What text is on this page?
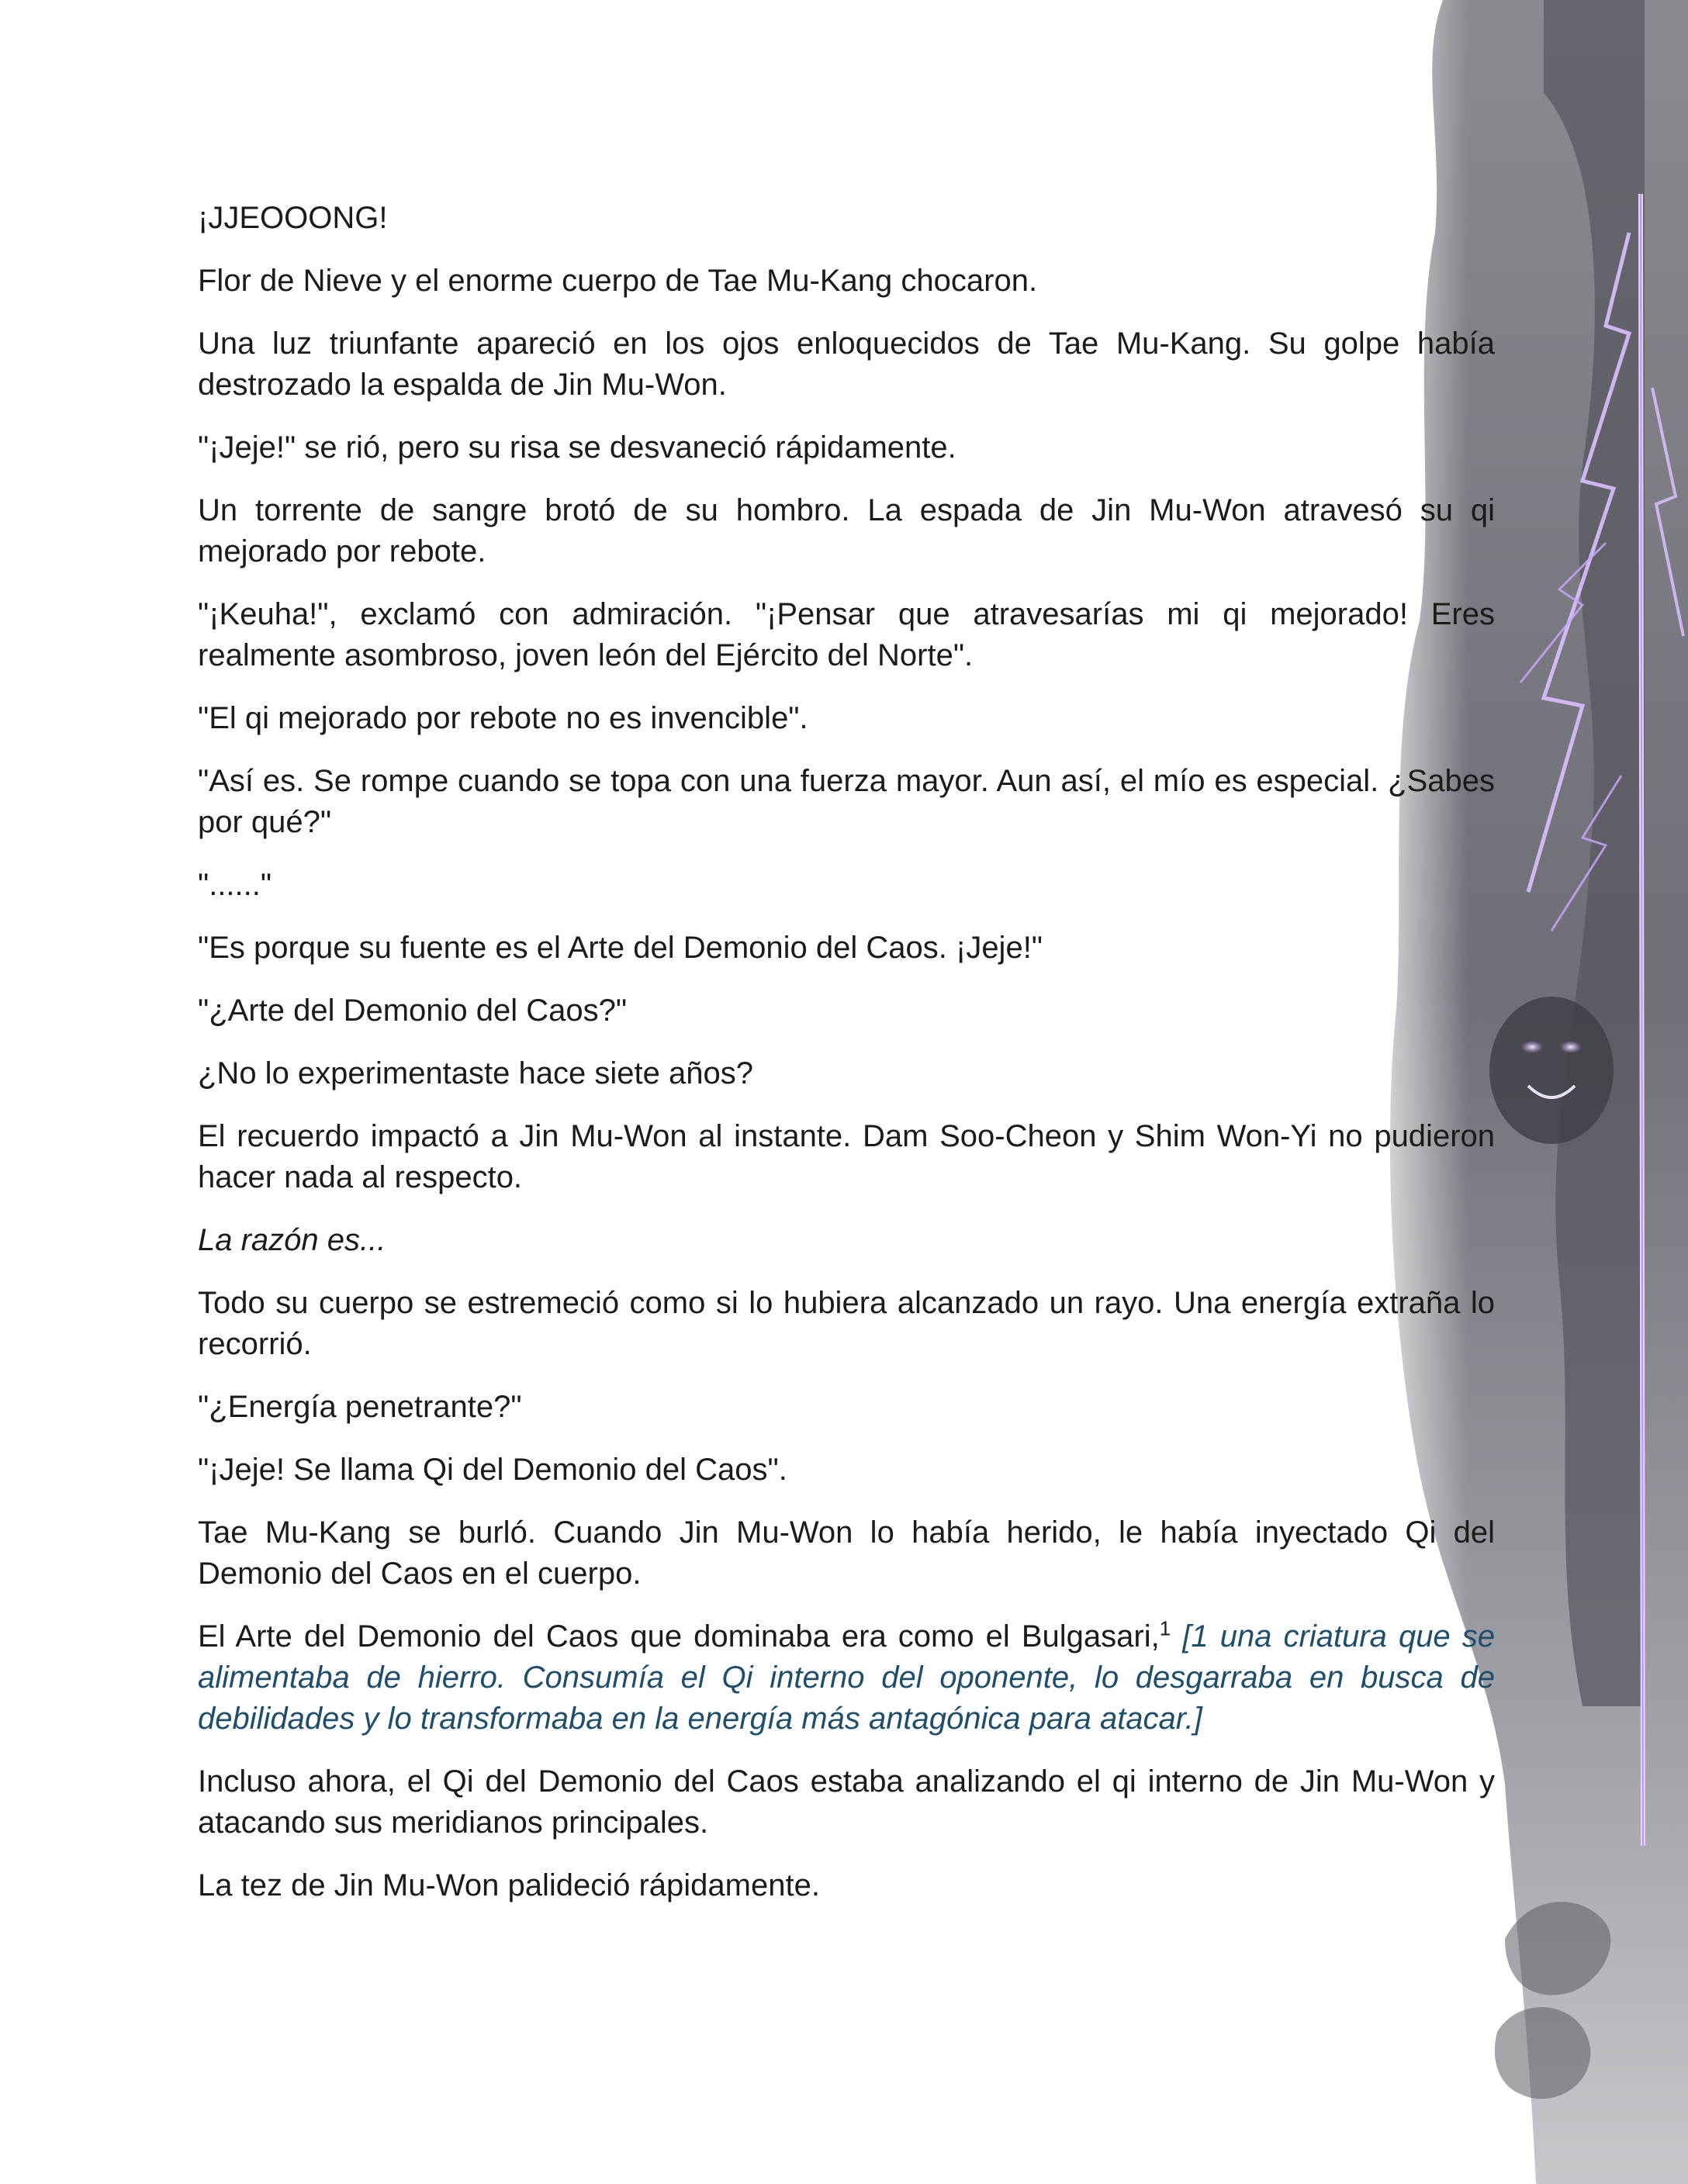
¡JJEOOONG!

Flor de Nieve y el enorme cuerpo de Tae Mu-Kang chocaron.

Una luz triunfante apareció en los ojos enloquecidos de Tae Mu-Kang. Su golpe había destrozado la espalda de Jin Mu-Won.

"¡Jeje!" se rió, pero su risa se desvaneció rápidamente.

Un torrente de sangre brotó de su hombro. La espada de Jin Mu-Won atravesó su qi mejorado por rebote.

"¡Keuha!", exclamó con admiración. "¡Pensar que atravesarías mi qi mejorado! Eres realmente asombroso, joven león del Ejército del Norte".

"El qi mejorado por rebote no es invencible".

"Así es. Se rompe cuando se topa con una fuerza mayor. Aun así, el mío es especial. ¿Sabes por qué?"

"......"

"Es porque su fuente es el Arte del Demonio del Caos. ¡Jeje!"

"¿Arte del Demonio del Caos?"

¿No lo experimentaste hace siete años?

El recuerdo impactó a Jin Mu-Won al instante. Dam Soo-Cheon y Shim Won-Yi no pudieron hacer nada al respecto.

La razón es...

Todo su cuerpo se estremeció como si lo hubiera alcanzado un rayo. Una energía extraña lo recorrió.

"¿Energía penetrante?"

"¡Jeje! Se llama Qi del Demonio del Caos".

Tae Mu-Kang se burló. Cuando Jin Mu-Won lo había herido, le había inyectado Qi del Demonio del Caos en el cuerpo.

El Arte del Demonio del Caos que dominaba era como el Bulgasari,$^1$ [1 una criatura que se alimentaba de hierro. Consumía el Qi interno del oponente, lo desgarraba en busca de debilidades y lo transformaba en la energía más antagónica para atacar.]

Incluso ahora, el Qi del Demonio del Caos estaba analizando el qi interno de Jin Mu-Won y atacando sus meridianos principales.

La tez de Jin Mu-Won palideció rápidamente.
